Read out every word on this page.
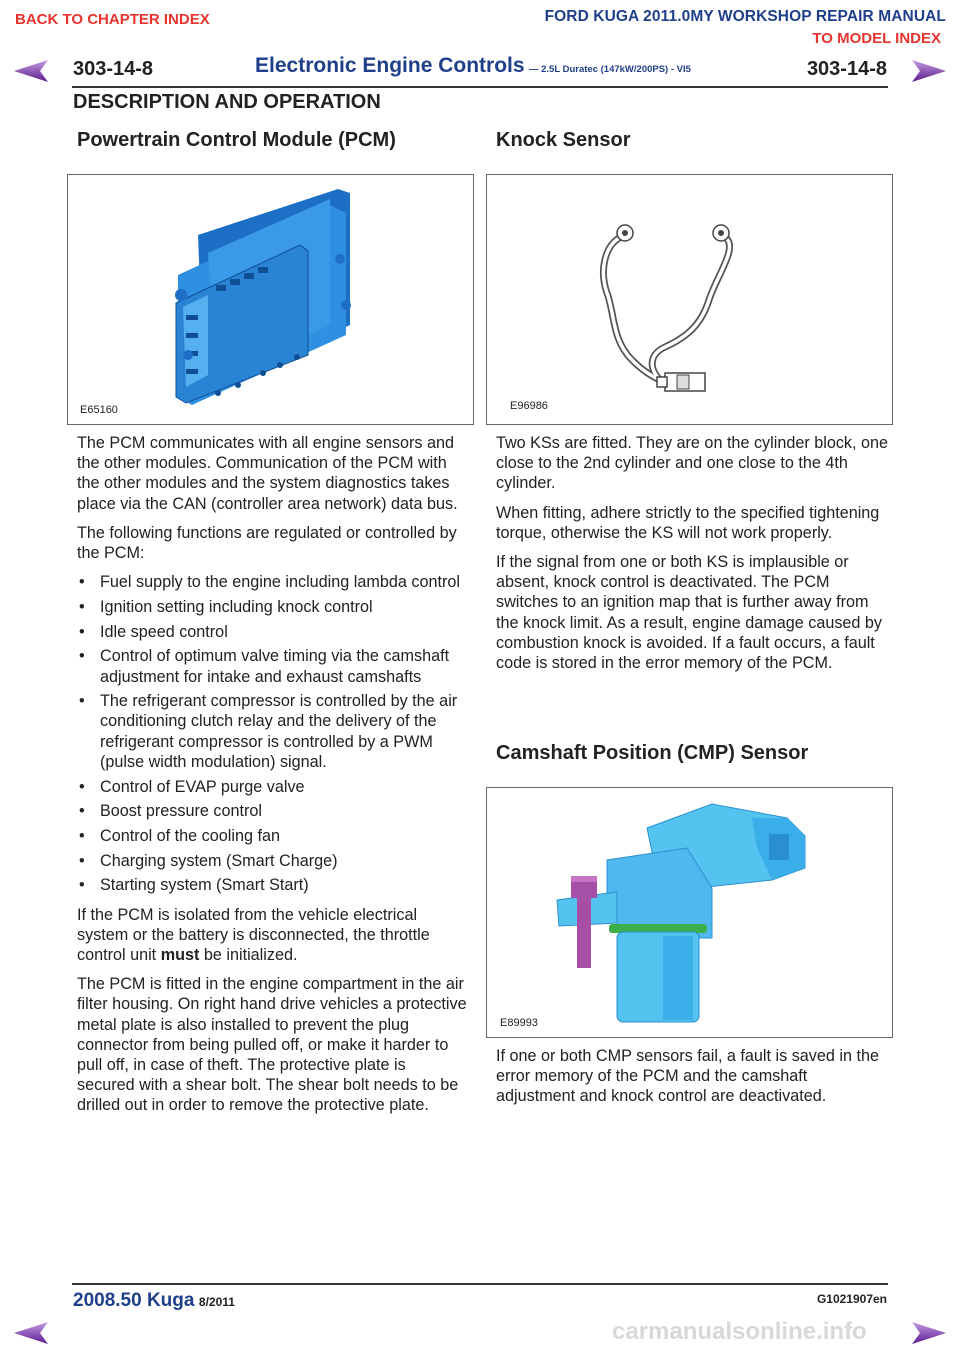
BACK TO CHAPTER INDEX	FORD KUGA 2011.0MY WORKSHOP REPAIR MANUAL
TO MODEL INDEX
303-14-8	Electronic Engine Controls — 2.5L Duratec (147kW/200PS) - VI5	303-14-8
DESCRIPTION AND OPERATION
Powertrain Control Module (PCM)
E65160

The PCM communicates with all engine sensors and the other modules. Communication of the PCM with the other modules and the system diagnostics takes place via the CAN (controller area network) data bus.

The following functions are regulated or controlled by the PCM:

• Fuel supply to the engine including lambda control
• Ignition setting including knock control
• Idle speed control
• Control of optimum valve timing via the camshaft adjustment for intake and exhaust camshafts
• The refrigerant compressor is controlled by the air conditioning clutch relay and the delivery of the refrigerant compressor is controlled by a PWM (pulse width modulation) signal.
• Control of EVAP purge valve
• Boost pressure control
• Control of the cooling fan
• Charging system (Smart Charge)
• Starting system (Smart Start)

If the PCM is isolated from the vehicle electrical system or the battery is disconnected, the throttle control unit must be initialized.

The PCM is fitted in the engine compartment in the air filter housing. On right hand drive vehicles a protective metal plate is also installed to prevent the plug connector from being pulled off, or make it harder to pull off, in case of theft. The protective plate is secured with a shear bolt. The shear bolt needs to be drilled out in order to remove the protective plate.

Knock Sensor
E96986

Two KSs are fitted. They are on the cylinder block, one close to the 2nd cylinder and one close to the 4th cylinder.

When fitting, adhere strictly to the specified tightening torque, otherwise the KS will not work properly.

If the signal from one or both KS is implausible or absent, knock control is deactivated. The PCM switches to an ignition map that is further away from the knock limit. As a result, engine damage caused by combustion knock is avoided. If a fault occurs, a fault code is stored in the error memory of the PCM.

Camshaft Position (CMP) Sensor
E89993

If one or both CMP sensors fail, a fault is saved in the error memory of the PCM and the camshaft adjustment and knock control are deactivated.

2008.50 Kuga 8/2011	G1021907en
carmanualsonline.info
